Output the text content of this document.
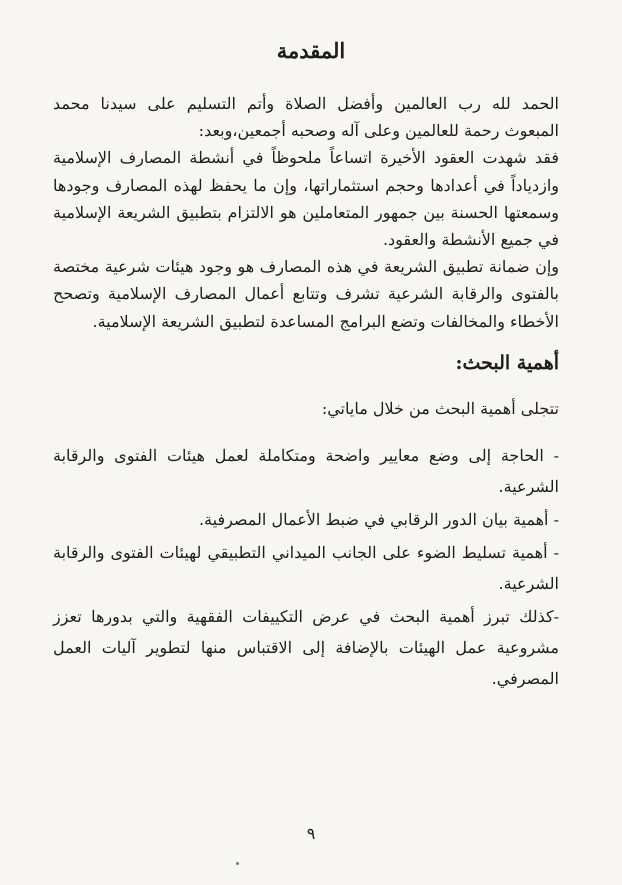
المقدمة

الحمد لله رب العالمين وأفضل الصلاة وأتم التسليم على سيدنا محمد المبعوث رحمة للعالمين وعلى آله وصحبه أجمعين،وبعد:

فقد شهدت العقود الأخيرة اتساعاً ملحوظاً في أنشطة المصارف الإسلامية وازدياداً في أعدادها وحجم استثماراتها، وإن ما يحفظ لهذه المصارف وجودها وسمعتها الحسنة بين جمهور المتعاملين هو الالتزام بتطبيق الشريعة الإسلامية في جميع الأنشطة والعقود.

وإن ضمانة تطبيق الشريعة في هذه المصارف هو وجود هيئات شرعية مختصة بالفتوى والرقابة الشرعية تشرف وتتابع أعمال المصارف الإسلامية وتصحح الأخطاء والمخالفات وتضع البرامج المساعدة لتطبيق الشريعة الإسلامية.

أهمية البحث:
تتجلى أهمية البحث من خلال ماياتي:
- الحاجة إلى وضع معايير واضحة ومتكاملة لعمل هيئات الفتوى والرقابة الشرعية.
- أهمية بيان الدور الرقابي في ضبط الأعمال المصرفية.
- أهمية تسليط الضوء على الجانب الميداني التطبيقي لهيئات الفتوى والرقابة الشرعية.
-كذلك تبرز أهمية البحث في عرض التكييفات الفقهية والتي بدورها تعزز مشروعية عمل الهيئات بالإضافة إلى الاقتباس منها لتطوير آليات العمل المصرفي.
٩
